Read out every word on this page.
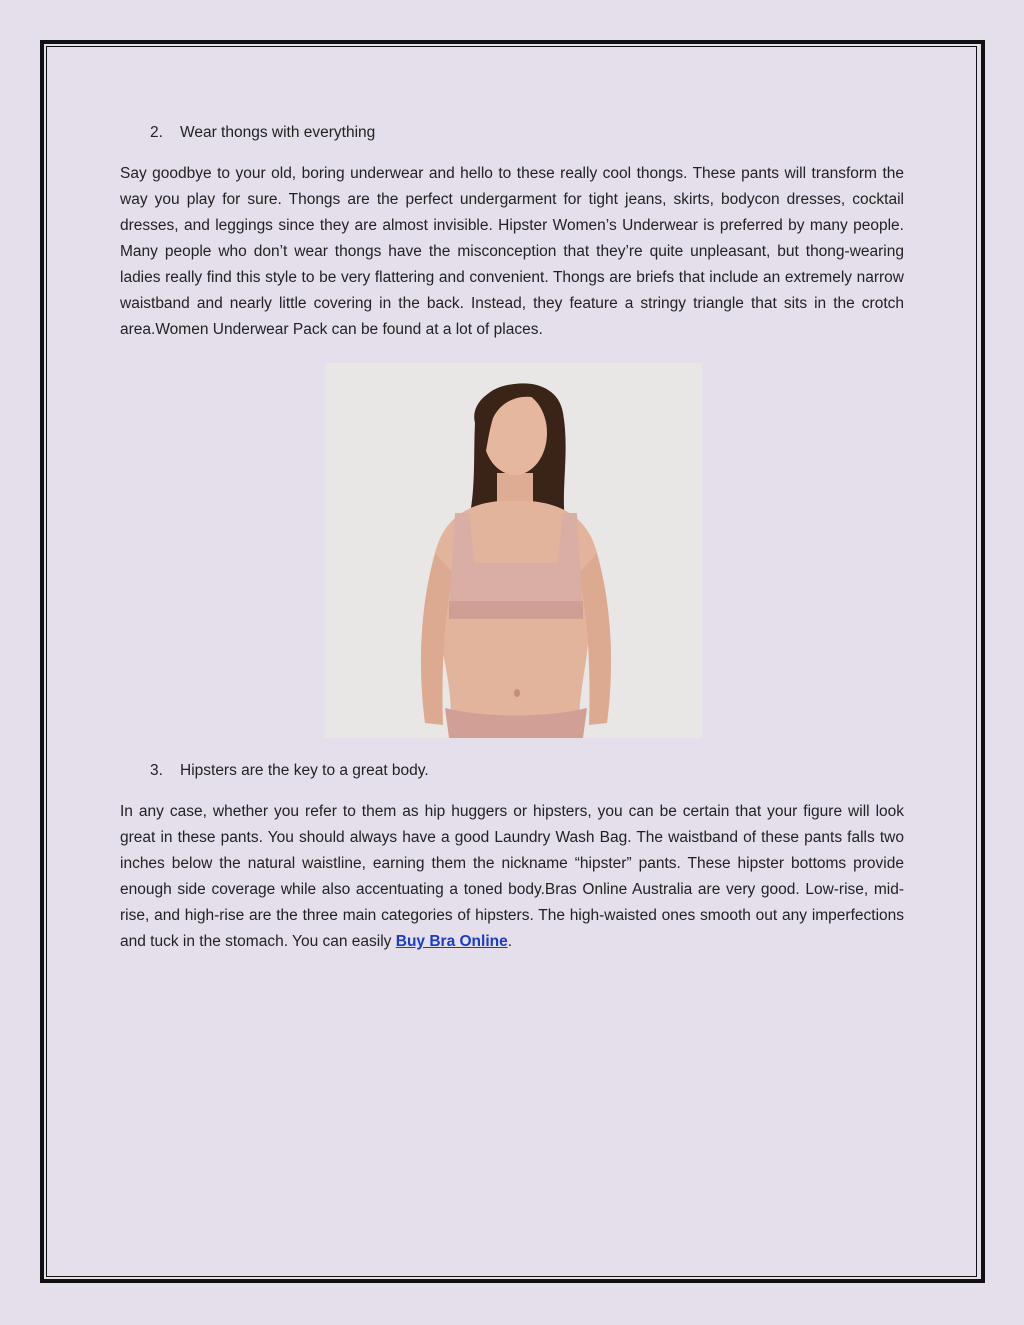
2.	Wear thongs with everything

Say goodbye to your old, boring underwear and hello to these really cool thongs. These pants will transform the way you play for sure. Thongs are the perfect undergarment for tight jeans, skirts, bodycon dresses, cocktail dresses, and leggings since they are almost invisible. Hipster Women’s Underwear is preferred by many people. Many people who don’t wear thongs have the misconception that they’re quite unpleasant, but thong-wearing ladies really find this style to be very flattering and convenient. Thongs are briefs that include an extremely narrow waistband and nearly little covering in the back. Instead, they feature a stringy triangle that sits in the crotch area.Women Underwear Pack can be found at a lot of places.

3.	Hipsters are the key to a great body.

In any case, whether you refer to them as hip huggers or hipsters, you can be certain that your figure will look great in these pants. You should always have a good Laundry Wash Bag. The waistband of these pants falls two inches below the natural waistline, earning them the nickname “hipster” pants. These hipster bottoms provide enough side coverage while also accentuating a toned body.Bras Online Australia are very good. Low-rise, mid-rise, and high-rise are the three main categories of hipsters. The high-waisted ones smooth out any imperfections and tuck in the stomach. You can easily Buy Bra Online.
